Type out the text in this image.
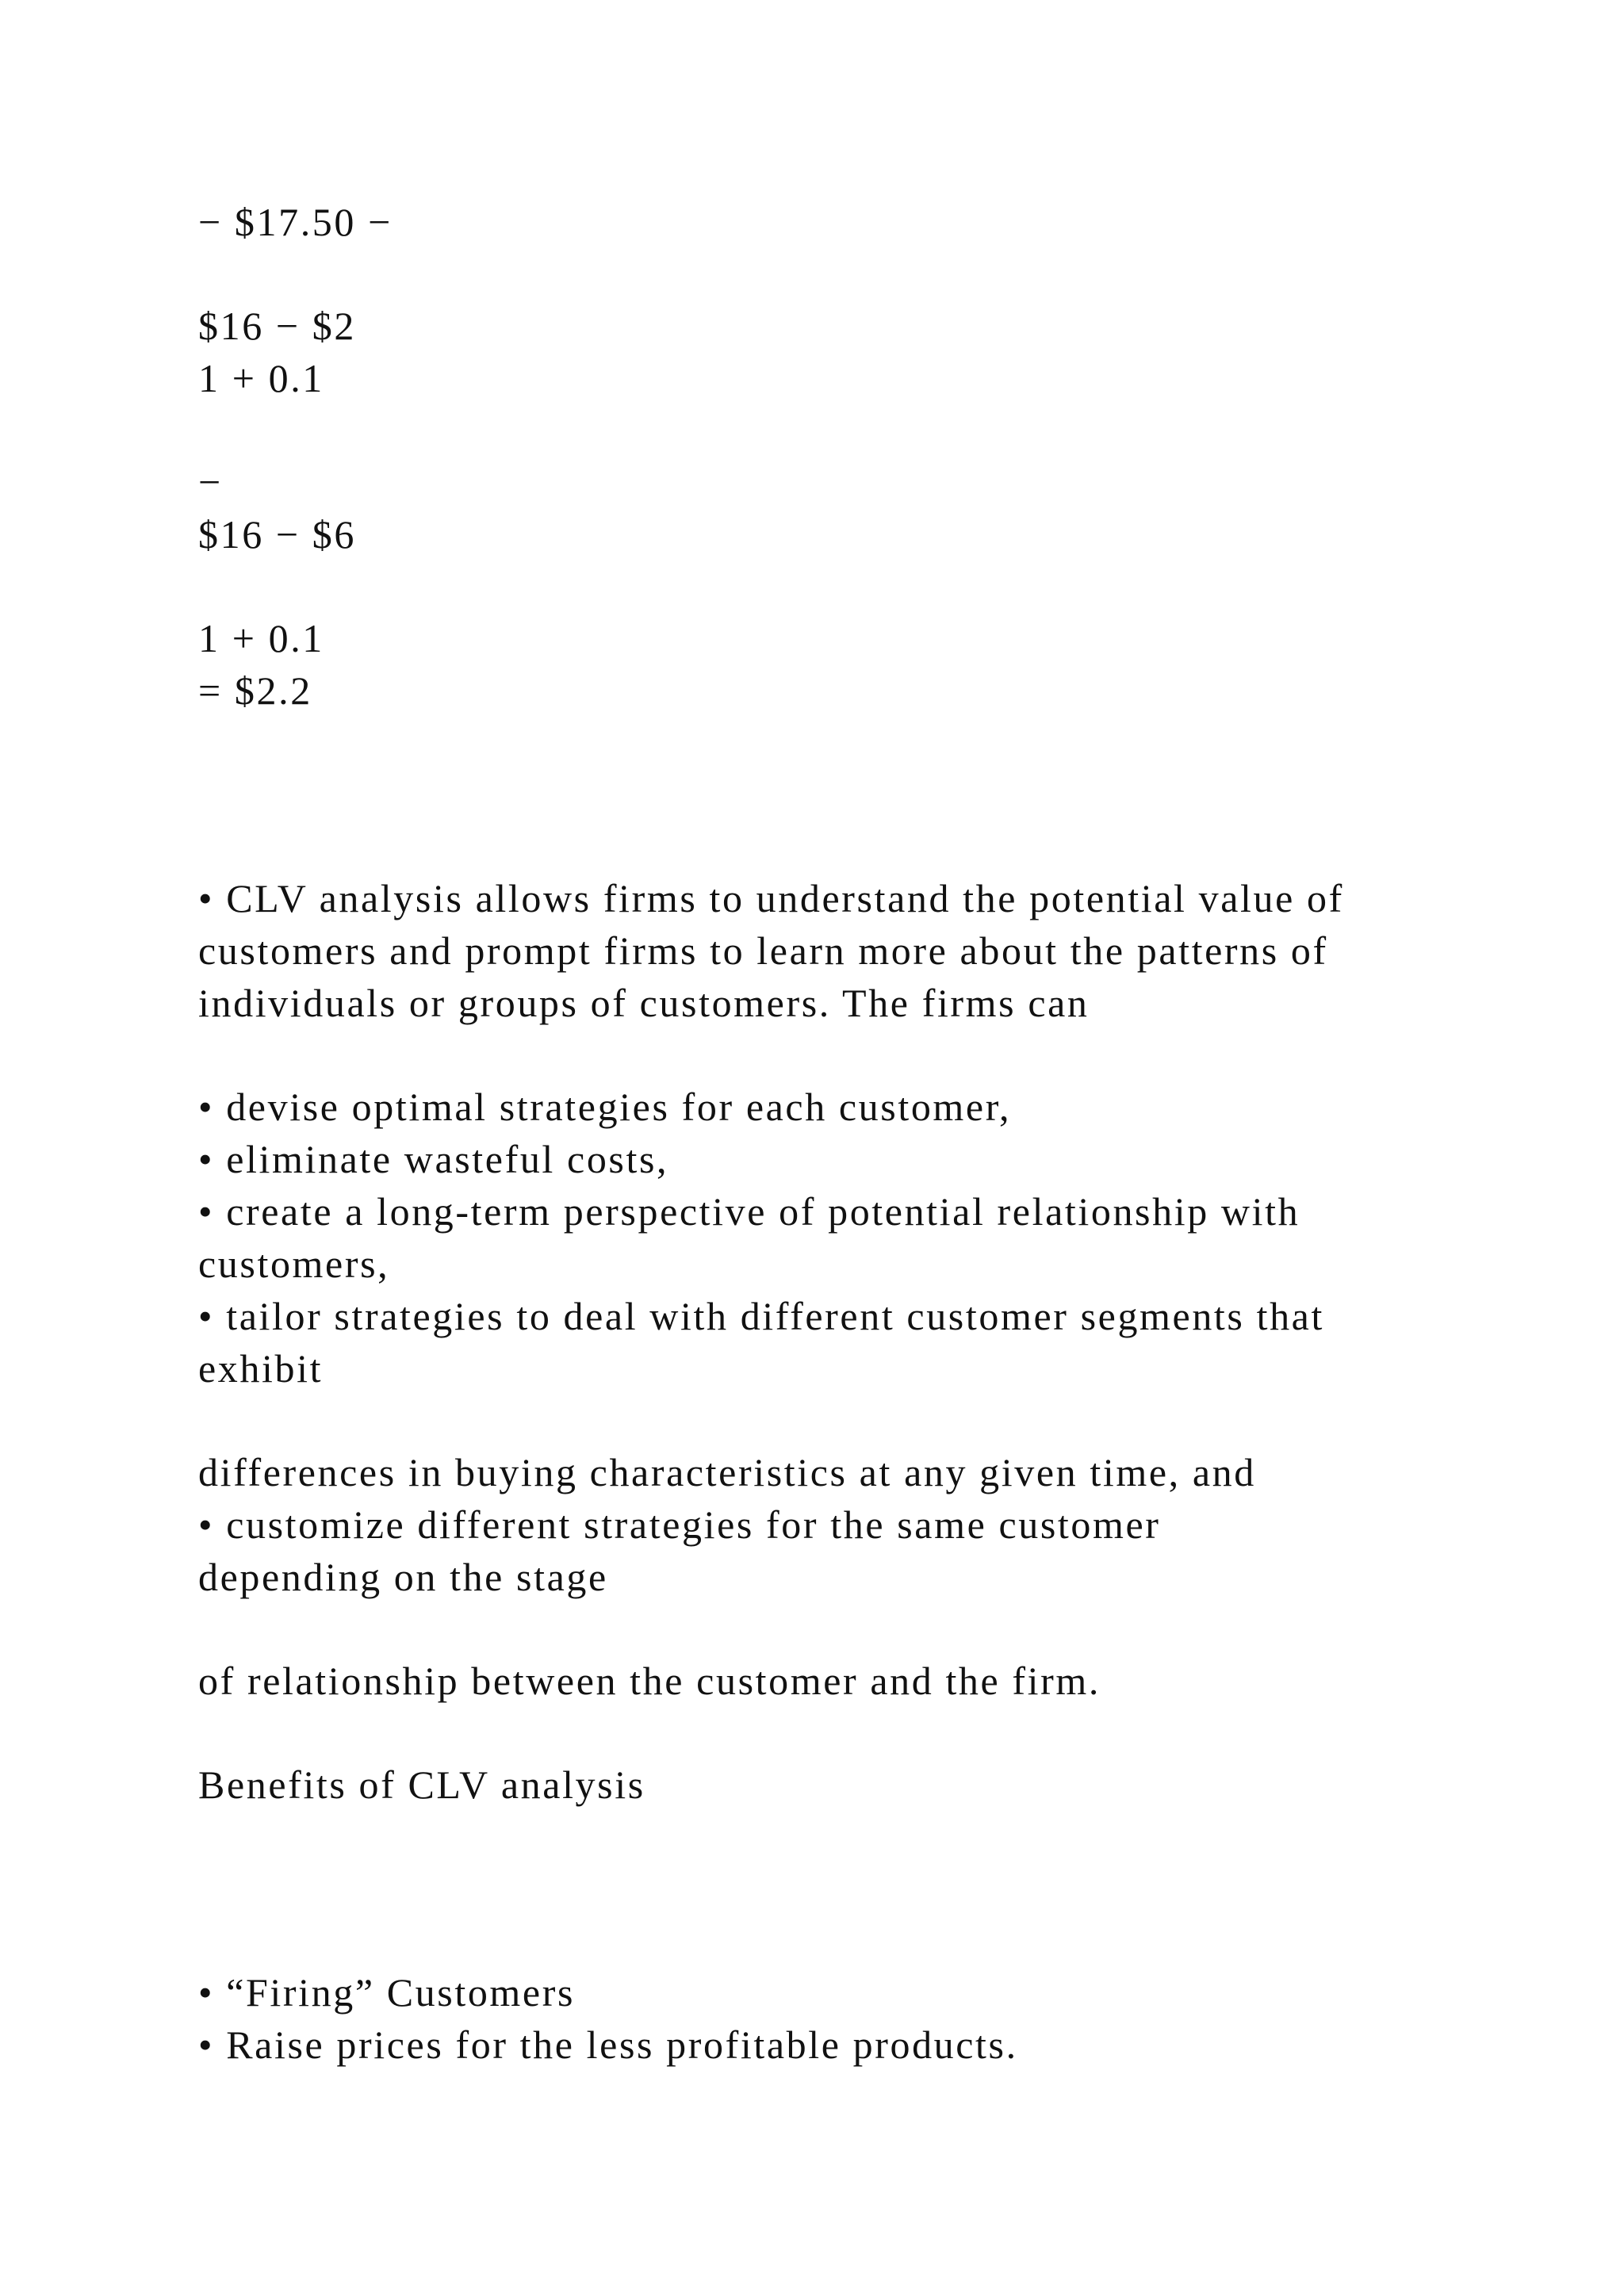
− $17.50 −

$16 − $2

1 + 0.1

−

$16 − $6

1 + 0.1

= $2.2

• CLV analysis allows firms to understand the potential value of

customers and prompt firms to learn more about the patterns of

individuals or groups of customers. The firms can

• devise optimal strategies for each customer,

• eliminate wasteful costs,

• create a long-term perspective of potential relationship with

customers,

• tailor strategies to deal with different customer segments that

exhibit

differences in buying characteristics at any given time, and

• customize different strategies for the same customer

depending on the stage

of relationship between the customer and the firm.

Benefits of CLV analysis

• “Firing” Customers

• Raise prices for the less profitable products.
